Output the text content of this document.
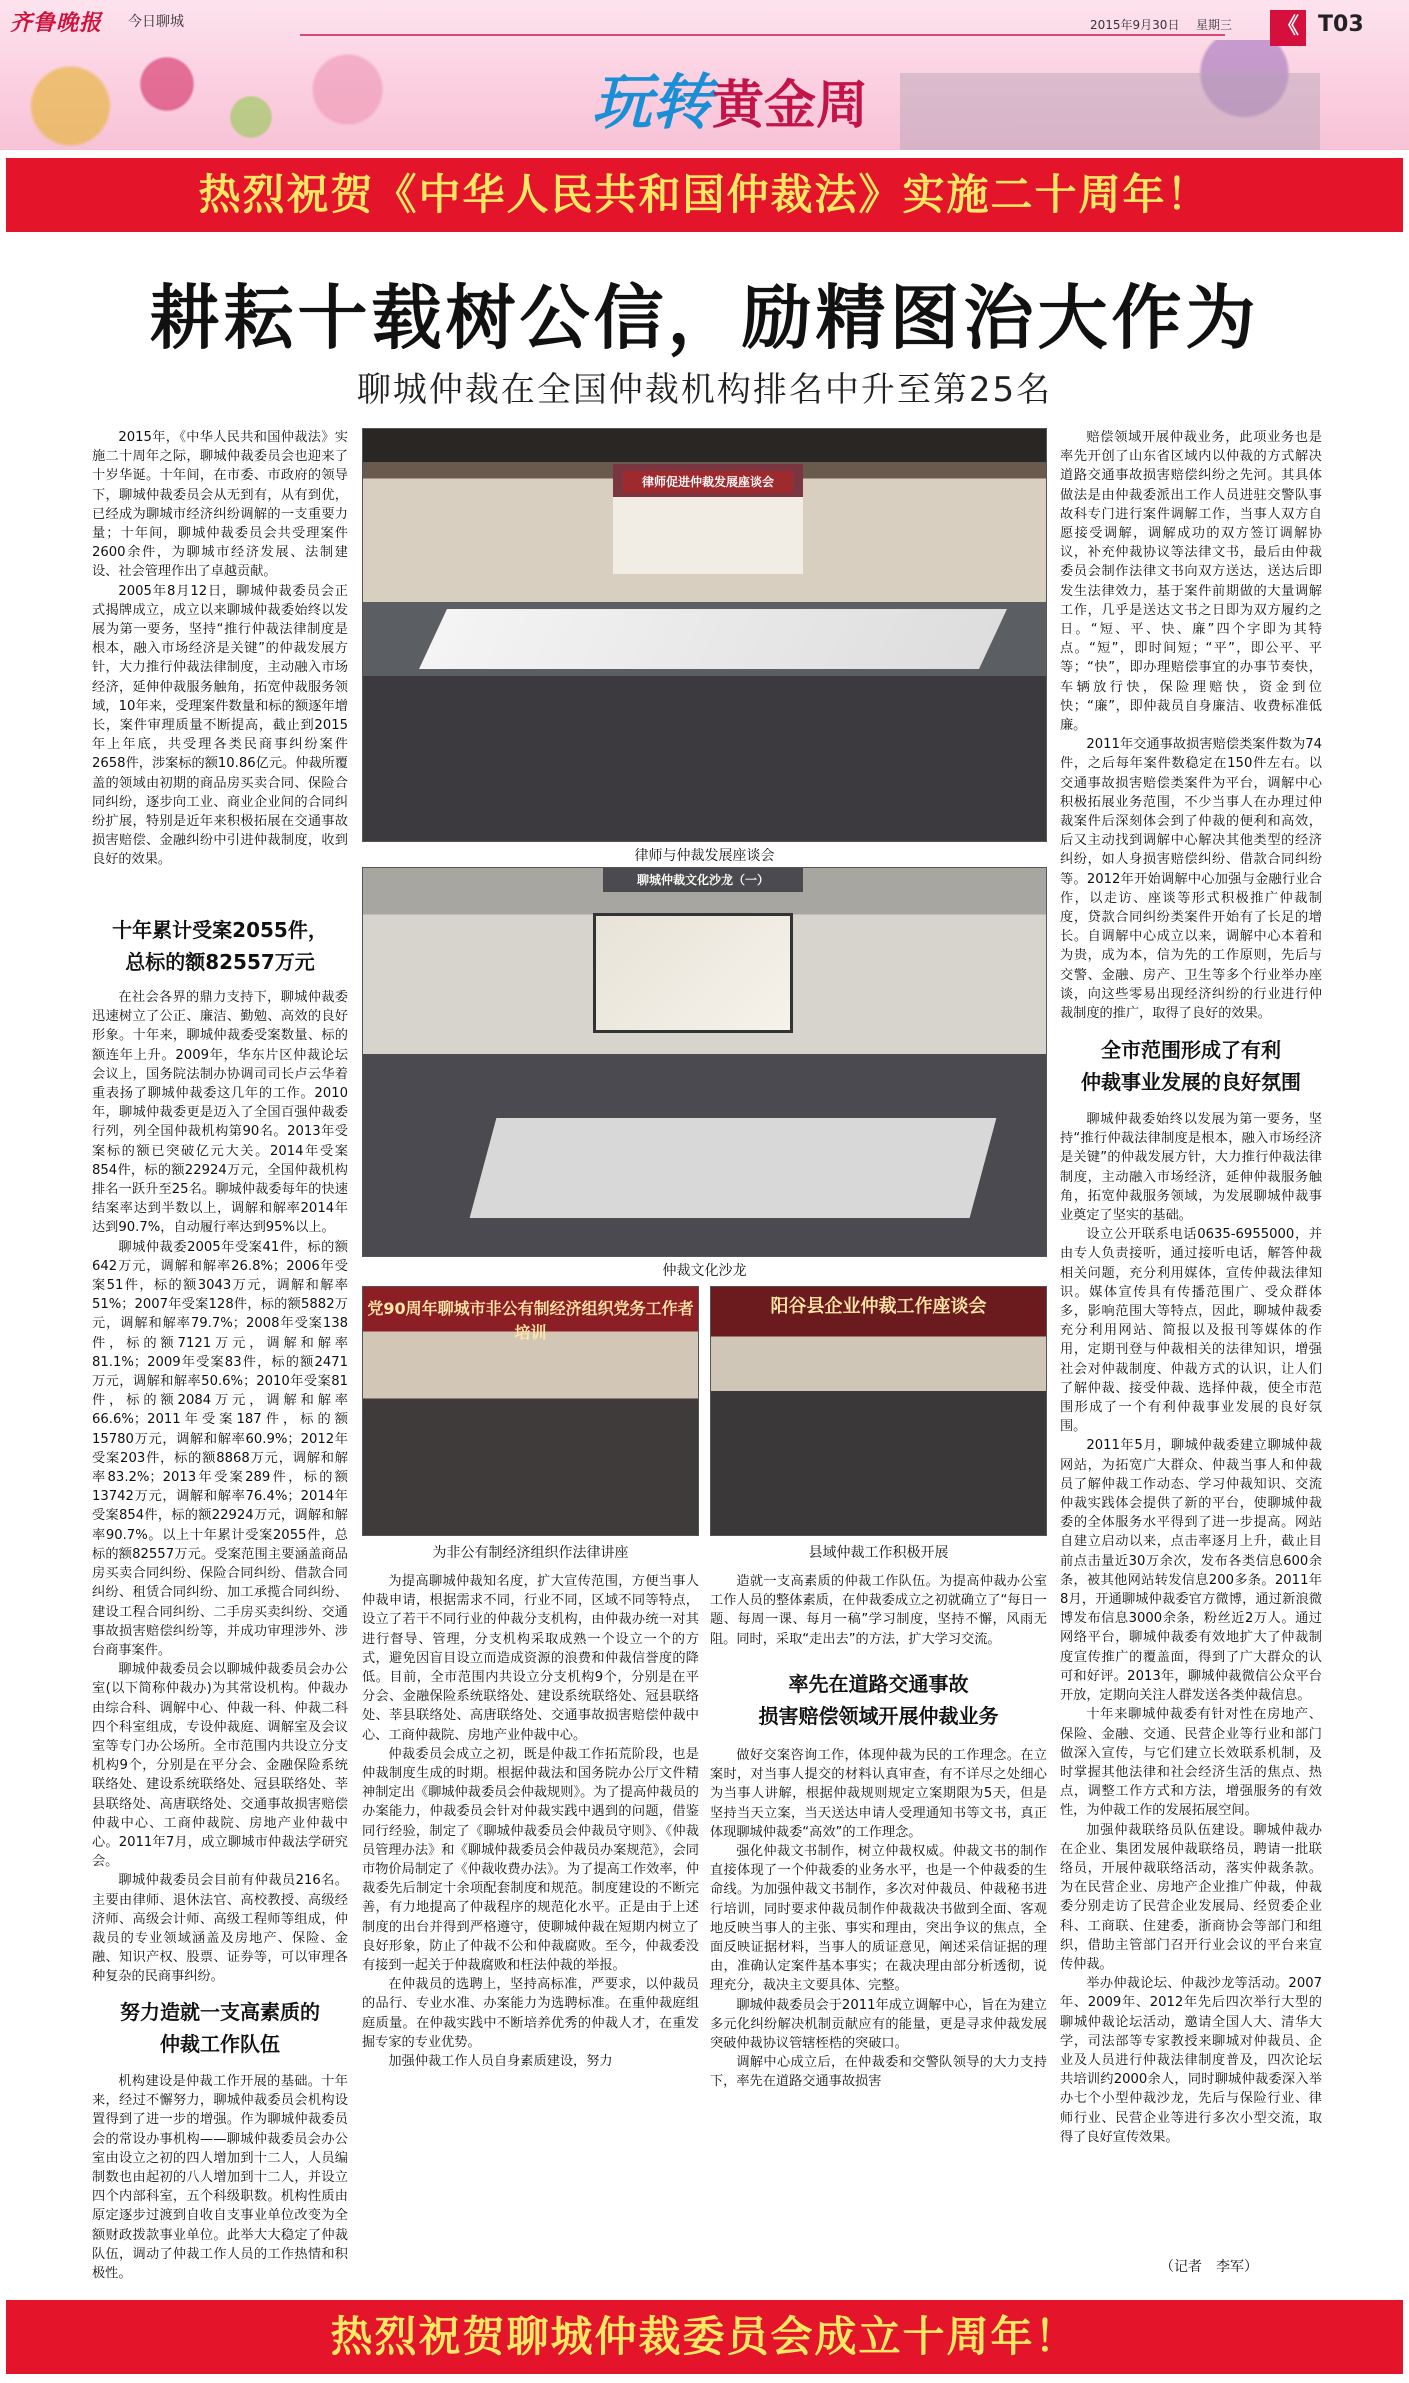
齐鲁晚报 今日聊城	2015年9月30日 星期三	《 T03
玩转黄金周
热烈祝贺《中华人民共和国仲裁法》实施二十周年！
耕耘十载树公信，励精图治大作为
聊城仲裁在全国仲裁机构排名中升至第25名

2015年，《中华人民共和国仲裁法》实施二十周年之际，聊城仲裁委员会也迎来了十岁华诞。十年间，在市委、市政府的领导下，聊城仲裁委员会从无到有，从有到优，已经成为聊城市经济纠纷调解的一支重要力量；十年间，聊城仲裁委员会共受理案件2600余件，为聊城市经济发展、法制建设、社会管理作出了卓越贡献。

2005年8月12日，聊城仲裁委员会正式揭牌成立，成立以来聊城仲裁委始终以发展为第一要务，坚持“推行仲裁法律制度是根本，融入市场经济是关键”的仲裁发展方针，大力推行仲裁法律制度，主动融入市场经济，延伸仲裁服务触角，拓宽仲裁服务领域，10年来，受理案件数量和标的额逐年增长，案件审理质量不断提高，截止到2015年上年底，共受理各类民商事纠纷案件2658件，涉案标的额10.86亿元。仲裁所覆盖的领域由初期的商品房买卖合同、保险合同纠纷，逐步向工业、商业企业间的合同纠纷扩展，特别是近年来积极拓展在交通事故损害赔偿、金融纠纷中引进仲裁制度，收到良好的效果。

十年累计受案2055件，
总标的额82557万元

在社会各界的鼎力支持下，聊城仲裁委迅速树立了公正、廉洁、勤勉、高效的良好形象。十年来，聊城仲裁委受案数量、标的额连年上升。2009年，华东片区仲裁论坛会议上，国务院法制办协调司司长卢云华着重表扬了聊城仲裁委这几年的工作。2010年，聊城仲裁委更是迈入了全国百强仲裁委行列，列全国仲裁机构第90名。2013年受案标的额已突破亿元大关。2014年受案854件，标的额22924万元，全国仲裁机构排名一跃升至25名。聊城仲裁委每年的快速结案率达到半数以上，调解和解率2014年达到90.7%，自动履行率达到95%以上。

聊城仲裁委2005年受案41件，标的额642万元，调解和解率26.8%；2006年受案51件，标的额3043万元，调解和解率51%；2007年受案128件，标的额5882万元，调解和解率79.7%；2008年受案138件，标的额7121万元，调解和解率81.1%；2009年受案83件，标的额2471万元，调解和解率50.6%；2010年受案81件，标的额2084万元，调解和解率66.6%；2011年受案187件，标的额15780万元，调解和解率60.9%；2012年受案203件，标的额8868万元，调解和解率83.2%；2013年受案289件，标的额13742万元，调解和解率76.4%；2014年受案854件，标的额22924万元，调解和解率90.7%。以上十年累计受案2055件，总标的额82557万元。受案范围主要涵盖商品房买卖合同纠纷、保险合同纠纷、借款合同纠纷、租赁合同纠纷、加工承揽合同纠纷、建设工程合同纠纷、二手房买卖纠纷、交通事故损害赔偿纠纷等，并成功审理涉外、涉台商事案件。

聊城仲裁委员会以聊城仲裁委员会办公室(以下简称仲裁办)为其常设机构。仲裁办由综合科、调解中心、仲裁一科、仲裁二科四个科室组成，专设仲裁庭、调解室及会议室等专门办公场所。全市范围内共设立分支机构9个，分别是在平分会、金融保险系统联络处、建设系统联络处、冠县联络处、莘县联络处、高唐联络处、交通事故损害赔偿仲裁中心、工商仲裁院、房地产业仲裁中心。2011年7月，成立聊城市仲裁法学研究会。

聊城仲裁委员会目前有仲裁员216名。主要由律师、退休法官、高校教授、高级经济师、高级会计师、高级工程师等组成，仲裁员的专业领域涵盖及房地产、保险、金融、知识产权、股票、证券等，可以审理各种复杂的民商事纠纷。

努力造就一支高素质的
仲裁工作队伍

机构建设是仲裁工作开展的基础。十年来，经过不懈努力，聊城仲裁委员会机构设置得到了进一步的增强。作为聊城仲裁委员会的常设办事机构——聊城仲裁委员会办公室由设立之初的四人增加到十二人，人员编制数也由起初的八人增加到十二人，并设立四个内部科室，五个科级职数。机构性质由原定逐步过渡到自收自支事业单位改变为全额财政拨款事业单位。此举大大稳定了仲裁队伍，调动了仲裁工作人员的工作热情和积极性。

律师促进仲裁发展座谈会
律师与仲裁发展座谈会
聊城仲裁文化沙龙（一）
仲裁文化沙龙
党90周年聊城市非公有制经济组织党务工作者培训
为非公有制经济组织作法律讲座
阳谷县企业仲裁工作座谈会
县域仲裁工作积极开展

为提高聊城仲裁知名度，扩大宣传范围，方便当事人仲裁申请，根据需求不同，行业不同，区域不同等特点，设立了若干不同行业的仲裁分支机构，由仲裁办统一对其进行督导、管理，分支机构采取成熟一个设立一个的方式，避免因盲目设立而造成资源的浪费和仲裁信誉度的降低。目前，全市范围内共设立分支机构9个，分别是在平分会、金融保险系统联络处、建设系统联络处、冠县联络处、莘县联络处、高唐联络处、交通事故损害赔偿仲裁中心、工商仲裁院、房地产业仲裁中心。

仲裁委员会成立之初，既是仲裁工作拓荒阶段，也是仲裁制度生成的时期。根据仲裁法和国务院办公厅文件精神制定出《聊城仲裁委员会仲裁规则》。为了提高仲裁员的办案能力，仲裁委员会针对仲裁实践中遇到的问题，借鉴同行经验，制定了《聊城仲裁委员会仲裁员守则》、《仲裁员管理办法》和《聊城仲裁委员会仲裁员办案规范》，会同市物价局制定了《仲裁收费办法》。为了提高工作效率，仲裁委先后制定十余项配套制度和规范。制度建设的不断完善，有力地提高了仲裁程序的规范化水平。正是由于上述制度的出台并得到严格遵守，使聊城仲裁在短期内树立了良好形象，防止了仲裁不公和仲裁腐败。至今，仲裁委没有接到一起关于仲裁腐败和枉法仲裁的举报。

在仲裁员的选聘上，坚持高标准，严要求，以仲裁员的品行、专业水准、办案能力为选聘标准。在重仲裁庭组庭质量。在仲裁实践中不断培养优秀的仲裁人才，在重发掘专家的专业优势。

加强仲裁工作人员自身素质建设，努力

造就一支高素质的仲裁工作队伍。为提高仲裁办公室工作人员的整体素质，在仲裁委成立之初就确立了“每日一题、每周一课、每月一稿”学习制度，坚持不懈，风雨无阻。同时，采取“走出去”的方法，扩大学习交流。

率先在道路交通事故
损害赔偿领域开展仲裁业务

做好交案咨询工作，体现仲裁为民的工作理念。在立案时，对当事人提交的材料认真审查，有不详尽之处细心为当事人讲解，根据仲裁规则规定立案期限为5天，但是坚持当天立案，当天送达申请人受理通知书等文书，真正体现聊城仲裁委“高效”的工作理念。

强化仲裁文书制作，树立仲裁权威。仲裁文书的制作直接体现了一个仲裁委的业务水平，也是一个仲裁委的生命线。为加强仲裁文书制作，多次对仲裁员、仲裁秘书进行培训，同时要求仲裁员制作仲裁裁决书做到全面、客观地反映当事人的主张、事实和理由，突出争议的焦点，全面反映证据材料，当事人的质证意见，阐述采信证据的理由，准确认定案件基本事实；在裁决理由部分析透彻，说理充分，裁决主文要具体、完整。

聊城仲裁委员会于2011年成立调解中心，旨在为建立多元化纠纷解决机制贡献应有的能量，更是寻求仲裁发展突破仲裁协议管辖桎梏的突破口。

调解中心成立后，在仲裁委和交警队领导的大力支持下，率先在道路交通事故损害

赔偿领域开展仲裁业务，此项业务也是率先开创了山东省区域内以仲裁的方式解决道路交通事故损害赔偿纠纷之先河。其具体做法是由仲裁委派出工作人员进驻交警队事故科专门进行案件调解工作，当事人双方自愿接受调解，调解成功的双方签订调解协议，补充仲裁协议等法律文书，最后由仲裁委员会制作法律文书向双方送达，送达后即发生法律效力，基于案件前期做的大量调解工作，几乎是送达文书之日即为双方履约之日。“短、平、快、廉”四个字即为其特点。“短”，即时间短；“平”，即公平、平等；“快”，即办理赔偿事宜的办事节奏快，车辆放行快，保险理赔快，资金到位快；“廉”，即仲裁员自身廉洁、收费标准低廉。

2011年交通事故损害赔偿类案件数为74件，之后每年案件数稳定在150件左右。以交通事故损害赔偿类案件为平台，调解中心积极拓展业务范围，不少当事人在办理过仲裁案件后深刻体会到了仲裁的便利和高效，后又主动找到调解中心解决其他类型的经济纠纷，如人身损害赔偿纠纷、借款合同纠纷等。2012年开始调解中心加强与金融行业合作，以走访、座谈等形式积极推广仲裁制度，贷款合同纠纷类案件开始有了长足的增长。自调解中心成立以来，调解中心本着和为贵，成为本，信为先的工作原则，先后与交警、金融、房产、卫生等多个行业举办座谈，向这些零易出现经济纠纷的行业进行仲裁制度的推广，取得了良好的效果。

全市范围形成了有利
仲裁事业发展的良好氛围

聊城仲裁委始终以发展为第一要务，坚持“推行仲裁法律制度是根本，融入市场经济是关键”的仲裁发展方针，大力推行仲裁法律制度，主动融入市场经济，延伸仲裁服务触角，拓宽仲裁服务领域，为发展聊城仲裁事业奠定了坚实的基础。

设立公开联系电话0635-6955000，并由专人负责接听，通过接听电话，解答仲裁相关问题，充分利用媒体，宣传仲裁法律知识。媒体宣传具有传播范围广、受众群体多，影响范围大等特点，因此，聊城仲裁委充分利用网站、简报以及报刊等媒体的作用，定期刊登与仲裁相关的法律知识，增强社会对仲裁制度、仲裁方式的认识，让人们了解仲裁、接受仲裁、选择仲裁，使全市范围形成了一个有利仲裁事业发展的良好氛围。

2011年5月，聊城仲裁委建立聊城仲裁网站，为拓宽广大群众、仲裁当事人和仲裁员了解仲裁工作动态、学习仲裁知识、交流仲裁实践体会提供了新的平台，使聊城仲裁委的全体服务水平得到了进一步提高。网站自建立启动以来，点击率逐月上升，截止目前点击量近30万余次，发布各类信息600余条，被其他网站转发信息200多条。2011年8月，开通聊城仲裁委官方微博，通过新浪微博发布信息3000余条，粉丝近2万人。通过网络平台，聊城仲裁委有效地扩大了仲裁制度宣传推广的覆盖面，得到了广大群众的认可和好评。2013年，聊城仲裁微信公众平台开放，定期向关注人群发送各类仲裁信息。

十年来聊城仲裁委有针对性在房地产、保险、金融、交通、民营企业等行业和部门做深入宣传，与它们建立长效联系机制，及时掌握其他法律和社会经济生活的焦点、热点，调整工作方式和方法，增强服务的有效性，为仲裁工作的发展拓展空间。

加强仲裁联络员队伍建设。聊城仲裁办在企业、集团发展仲裁联络员，聘请一批联络员，开展仲裁联络活动，落实仲裁条款。为在民营企业、房地产企业推广仲裁，仲裁委分别走访了民营企业发展局、经贸委企业科、工商联、住建委，浙商协会等部门和组织，借助主管部门召开行业会议的平台来宣传仲裁。

举办仲裁论坛、仲裁沙龙等活动。2007年、2009年、2012年先后四次举行大型的聊城仲裁论坛活动，邀请全国人大、清华大学，司法部等专家教授来聊城对仲裁员、企业及人员进行仲裁法律制度普及，四次论坛共培训约2000余人，同时聊城仲裁委深入举办七个小型仲裁沙龙，先后与保险行业、律师行业、民营企业等进行多次小型交流，取得了良好宣传效果。

（记者　李军）
热烈祝贺聊城仲裁委员会成立十周年！
